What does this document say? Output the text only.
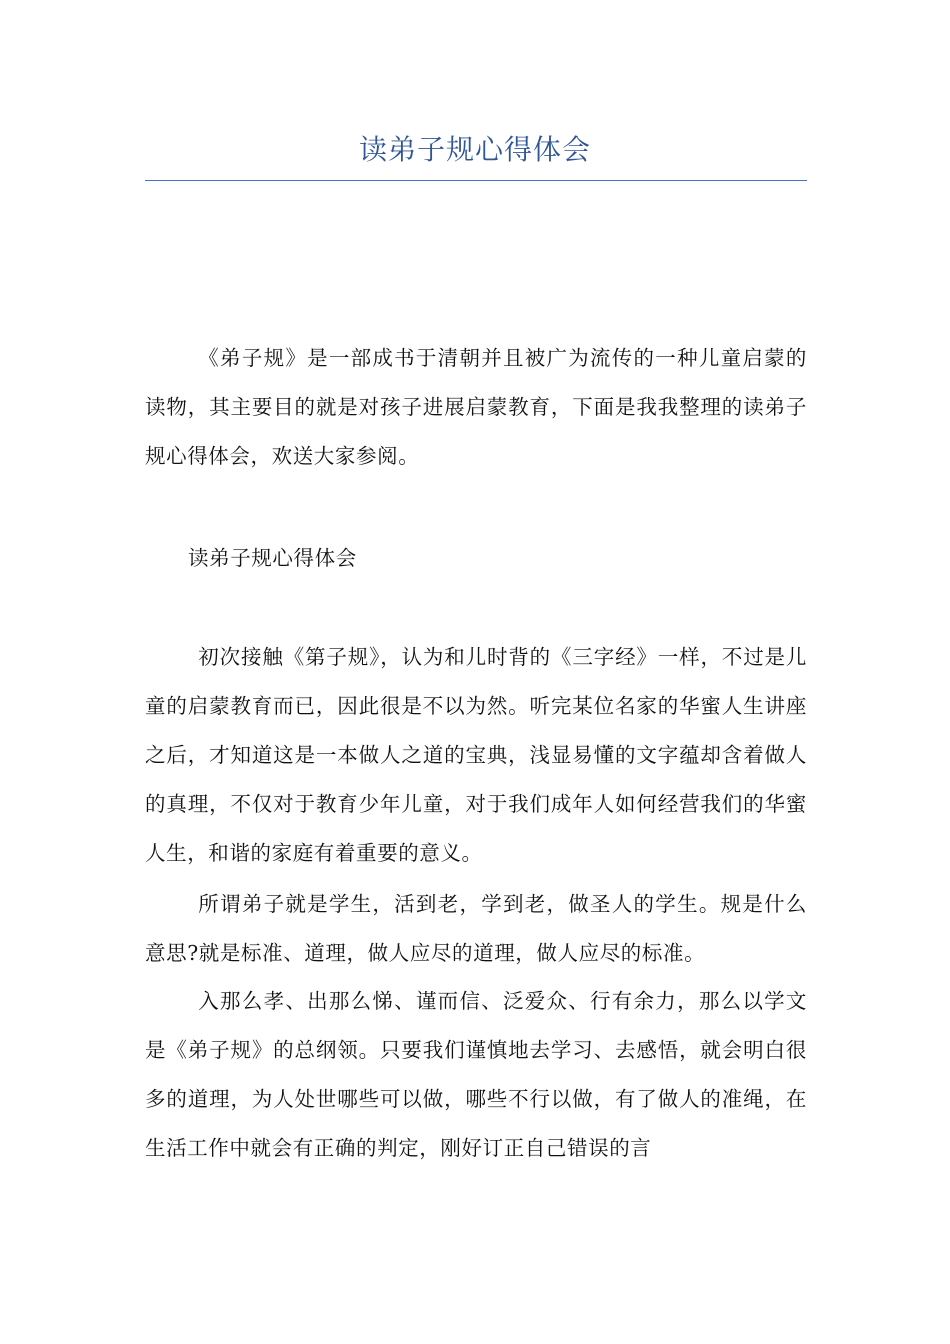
读弟子规心得体会

《弟子规》是一部成书于清朝并且被广为流传的一种儿童启蒙的读物，其主要目的就是对孩子进展启蒙教育，下面是我我整理的读弟子规心得体会，欢送大家参阅。

读弟子规心得体会

初次接触《第子规》，认为和儿时背的《三字经》一样，不过是儿童的启蒙教育而已，因此很是不以为然。听完某位名家的华蜜人生讲座之后，才知道这是一本做人之道的宝典，浅显易懂的文字蕴却含着做人的真理，不仅对于教育少年儿童，对于我们成年人如何经营我们的华蜜人生，和谐的家庭有着重要的意义。

所谓弟子就是学生，活到老，学到老，做圣人的学生。规是什么意思?就是标准、道理，做人应尽的道理，做人应尽的标准。

入那么孝、出那么悌、谨而信、泛爱众、行有余力，那么以学文是《弟子规》的总纲领。只要我们谨慎地去学习、去感悟，就会明白很多的道理，为人处世哪些可以做，哪些不行以做，有了做人的准绳，在生活工作中就会有正确的判定，刚好订正自己错误的言
